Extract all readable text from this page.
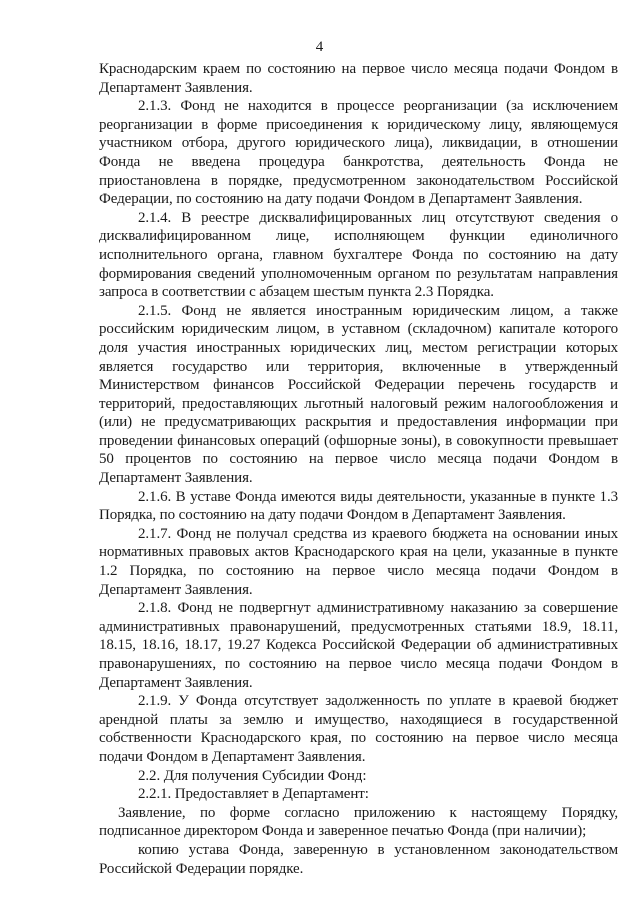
4

Краснодарским краем по состоянию на первое число месяца подачи Фондом в Департамент Заявления.

2.1.3. Фонд не находится в процессе реорганизации (за исключением реорганизации в форме присоединения к юридическому лицу, являющемуся участником отбора, другого юридического лица), ликвидации, в отношении Фонда не введена процедура банкротства, деятельность Фонда не приостановлена в порядке, предусмотренном законодательством Российской Федерации, по состоянию на дату подачи Фондом в Департамент Заявления.

2.1.4. В реестре дисквалифицированных лиц отсутствуют сведения о дисквалифицированном лице, исполняющем функции единоличного исполнительного органа, главном бухгалтере Фонда по состоянию на дату формирования сведений уполномоченным органом по результатам направления запроса в соответствии с абзацем шестым пункта 2.3 Порядка.

2.1.5. Фонд не является иностранным юридическим лицом, а также российским юридическим лицом, в уставном (складочном) капитале которого доля участия иностранных юридических лиц, местом регистрации которых является государство или территория, включенные в утвержденный Министерством финансов Российской Федерации перечень государств и территорий, предоставляющих льготный налоговый режим налогообложения и (или) не предусматривающих раскрытия и предоставления информации при проведении финансовых операций (офшорные зоны), в совокупности превышает 50 процентов по состоянию на первое число месяца подачи Фондом в Департамент Заявления.

2.1.6. В уставе Фонда имеются виды деятельности, указанные в пункте 1.3 Порядка, по состоянию на дату подачи Фондом в Департамент Заявления.

2.1.7. Фонд не получал средства из краевого бюджета на основании иных нормативных правовых актов Краснодарского края на цели, указанные в пункте 1.2 Порядка, по состоянию на первое число месяца подачи Фондом в Департамент Заявления.

2.1.8. Фонд не подвергнут административному наказанию за совершение административных правонарушений, предусмотренных статьями 18.9, 18.11, 18.15, 18.16, 18.17, 19.27 Кодекса Российской Федерации об административных правонарушениях, по состоянию на первое число месяца подачи Фондом в Департамент Заявления.

2.1.9. У Фонда отсутствует задолженность по уплате в краевой бюджет арендной платы за землю и имущество, находящиеся в государственной собственности Краснодарского края, по состоянию на первое число месяца подачи Фондом в Департамент Заявления.

2.2. Для получения Субсидии Фонд:

2.2.1. Предоставляет в Департамент:

Заявление, по форме согласно приложению к настоящему Порядку, подписанное директором Фонда и заверенное печатью Фонда (при наличии);

копию устава Фонда, заверенную в установленном законодательством Российской Федерации порядке.
